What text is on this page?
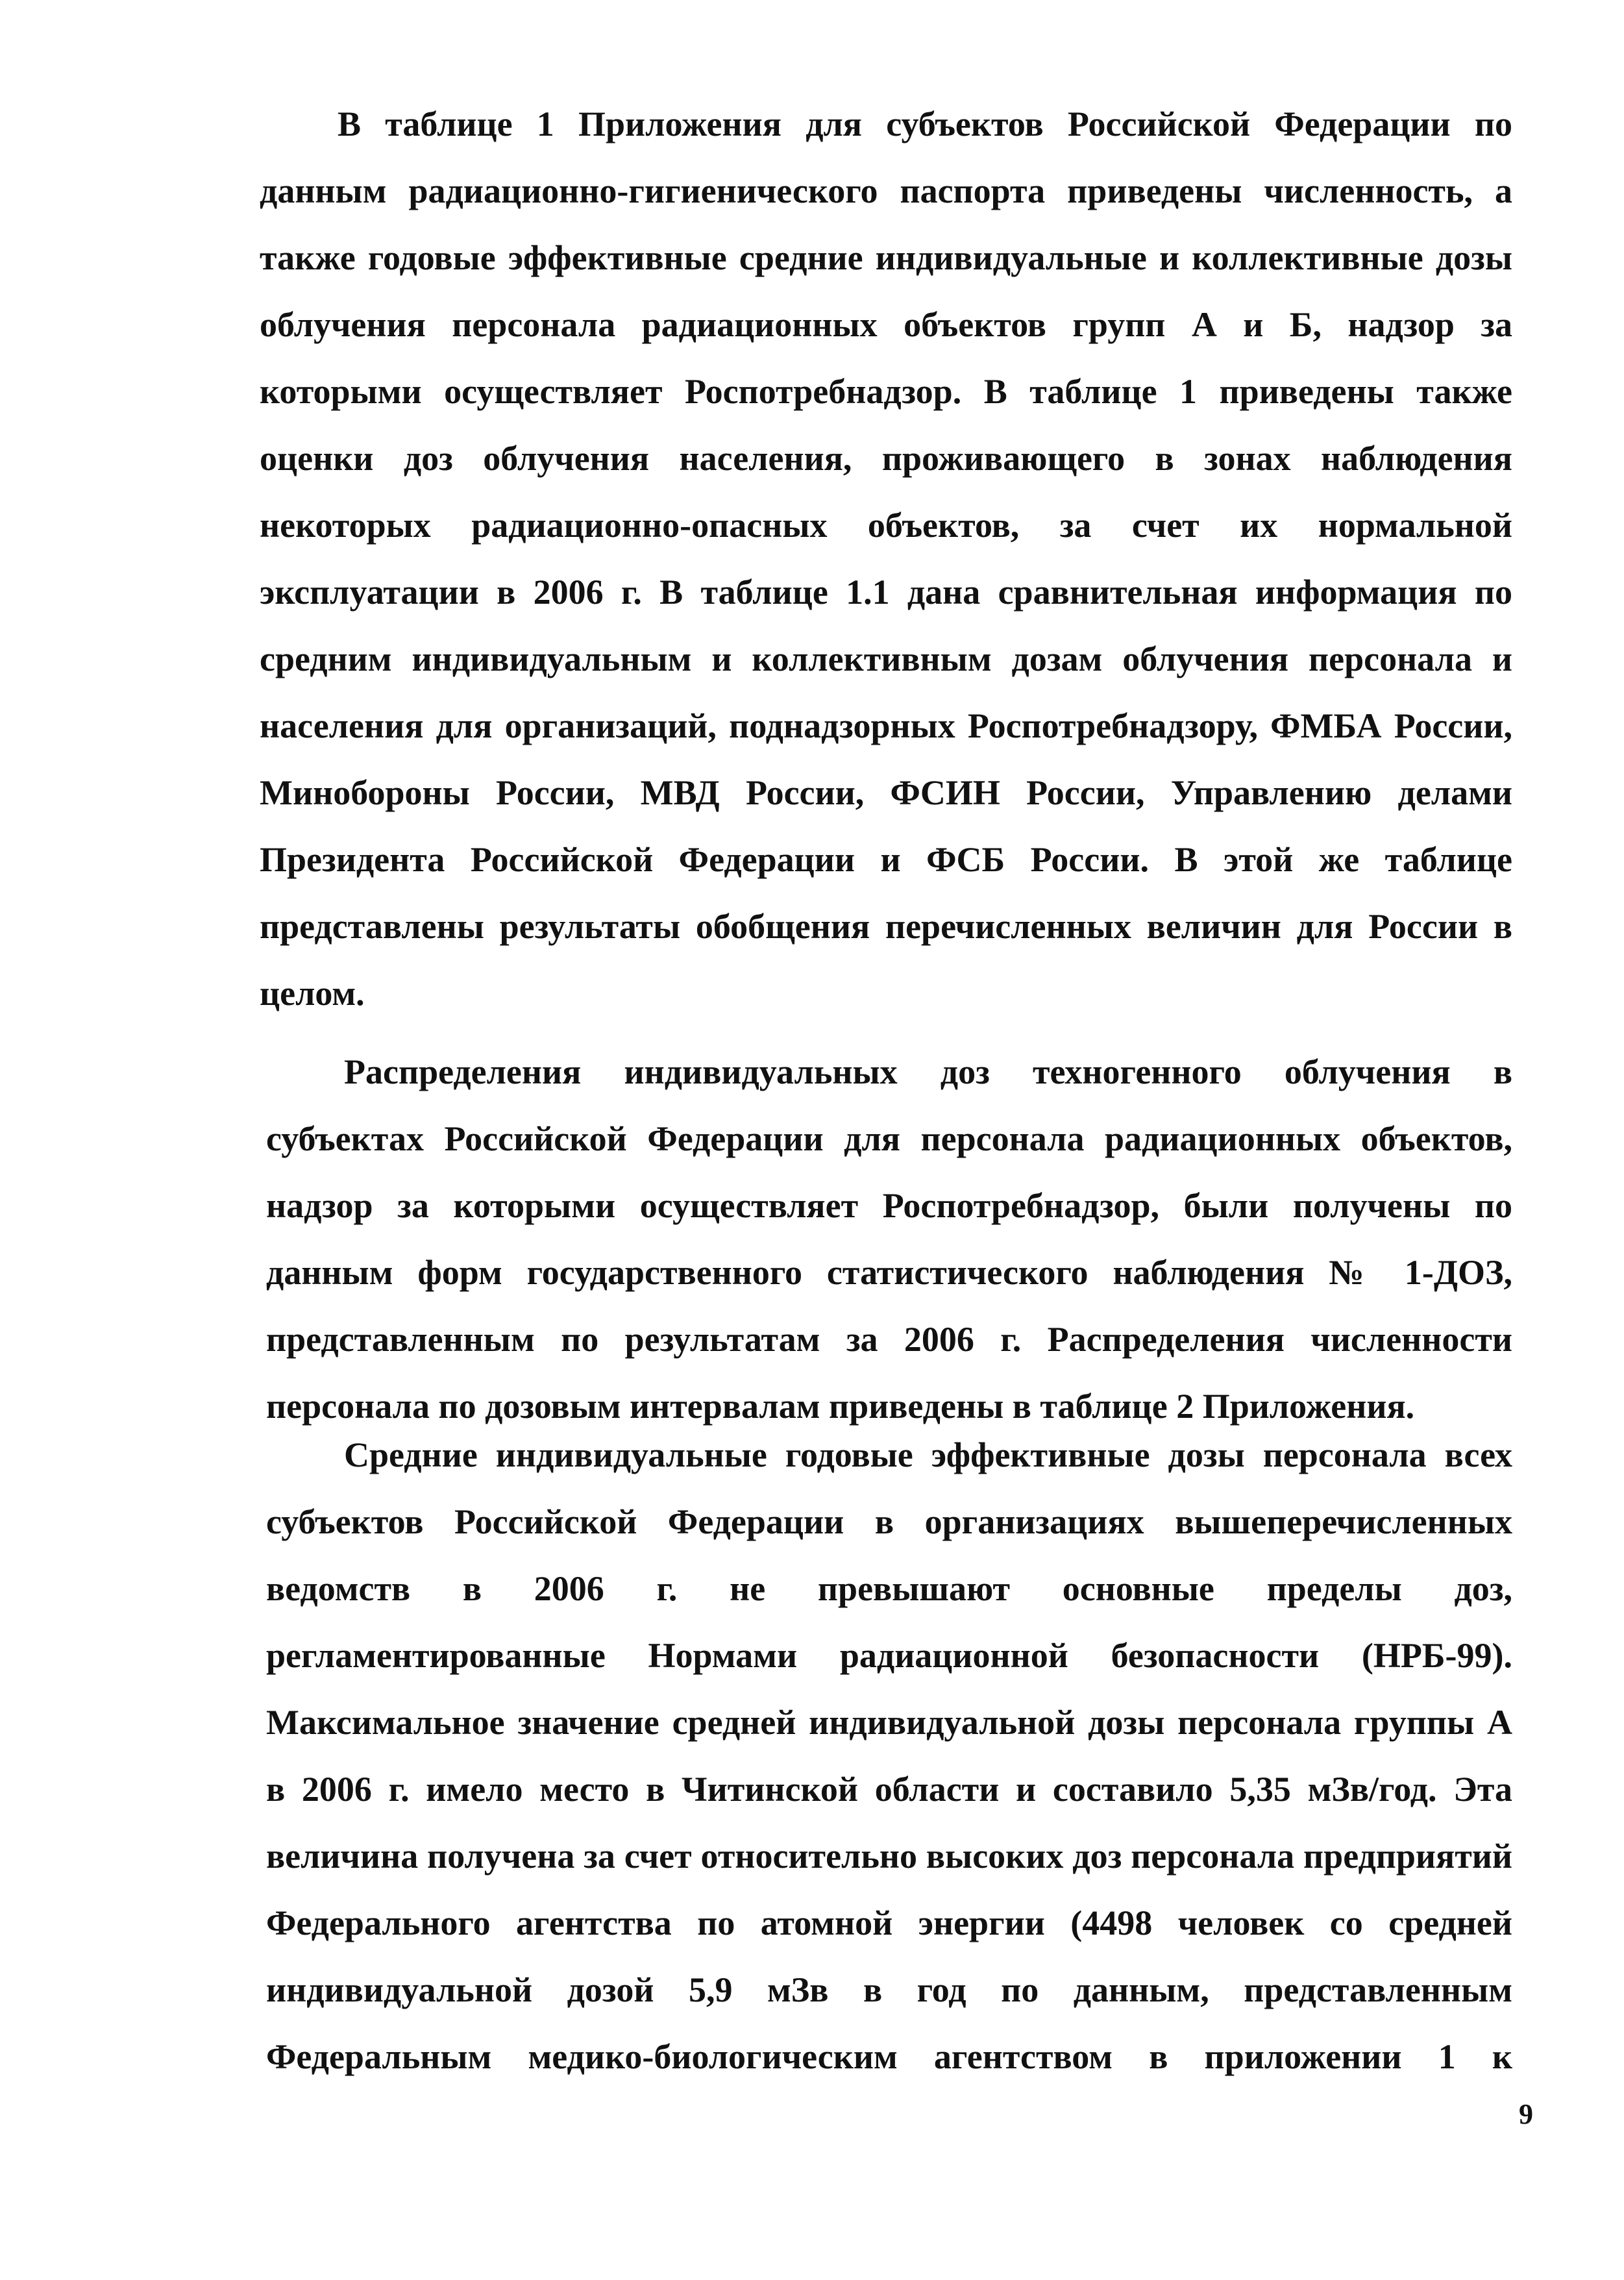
В таблице 1 Приложения для субъектов Российской Федерации по
данным радиационно-гигиенического паспорта приведены численность, а
также годовые эффективные средние индивидуальные и коллективные дозы
облучения персонала радиационных объектов групп А и Б, надзор за
которыми осуществляет Роспотребнадзор. В таблице 1 приведены также
оценки доз облучения населения, проживающего в зонах наблюдения
некоторых радиационно-опасных объектов, за счет их нормальной
эксплуатации в 2006 г. В таблице 1.1 дана сравнительная информация по
средним индивидуальным и коллективным дозам облучения персонала и
населения для организаций, поднадзорных Роспотребнадзору, ФМБА России,
Минобороны России, МВД России, ФСИН России, Управлению делами
Президента Российской Федерации и ФСБ России. В этой же таблице
представлены результаты обобщения перечисленных величин для России в
целом.

Распределения индивидуальных доз техногенного облучения в
субъектах Российской Федерации для персонала радиационных объектов,
надзор за которыми осуществляет Роспотребнадзор, были получены по
данным форм государственного статистического наблюдения № 1-ДОЗ,
представленным по результатам за 2006 г. Распределения численности
персонала по дозовым интервалам приведены в таблице 2 Приложения.

Средние индивидуальные годовые эффективные дозы персонала всех
субъектов Российской Федерации в организациях вышеперечисленных
ведомств в 2006 г. не превышают основные пределы доз,
регламентированные Нормами радиационной безопасности (НРБ-99).
Максимальное значение средней индивидуальной дозы персонала группы А
в 2006 г. имело место в Читинской области и составило 5,35 мЗв/год. Эта
величина получена за счет относительно высоких доз персонала предприятий
Федерального агентства по атомной энергии (4498 человек со средней
индивидуальной дозой 5,9 мЗв в год по данным, представленным
Федеральным медико-биологическим агентством в приложении 1 к

9
